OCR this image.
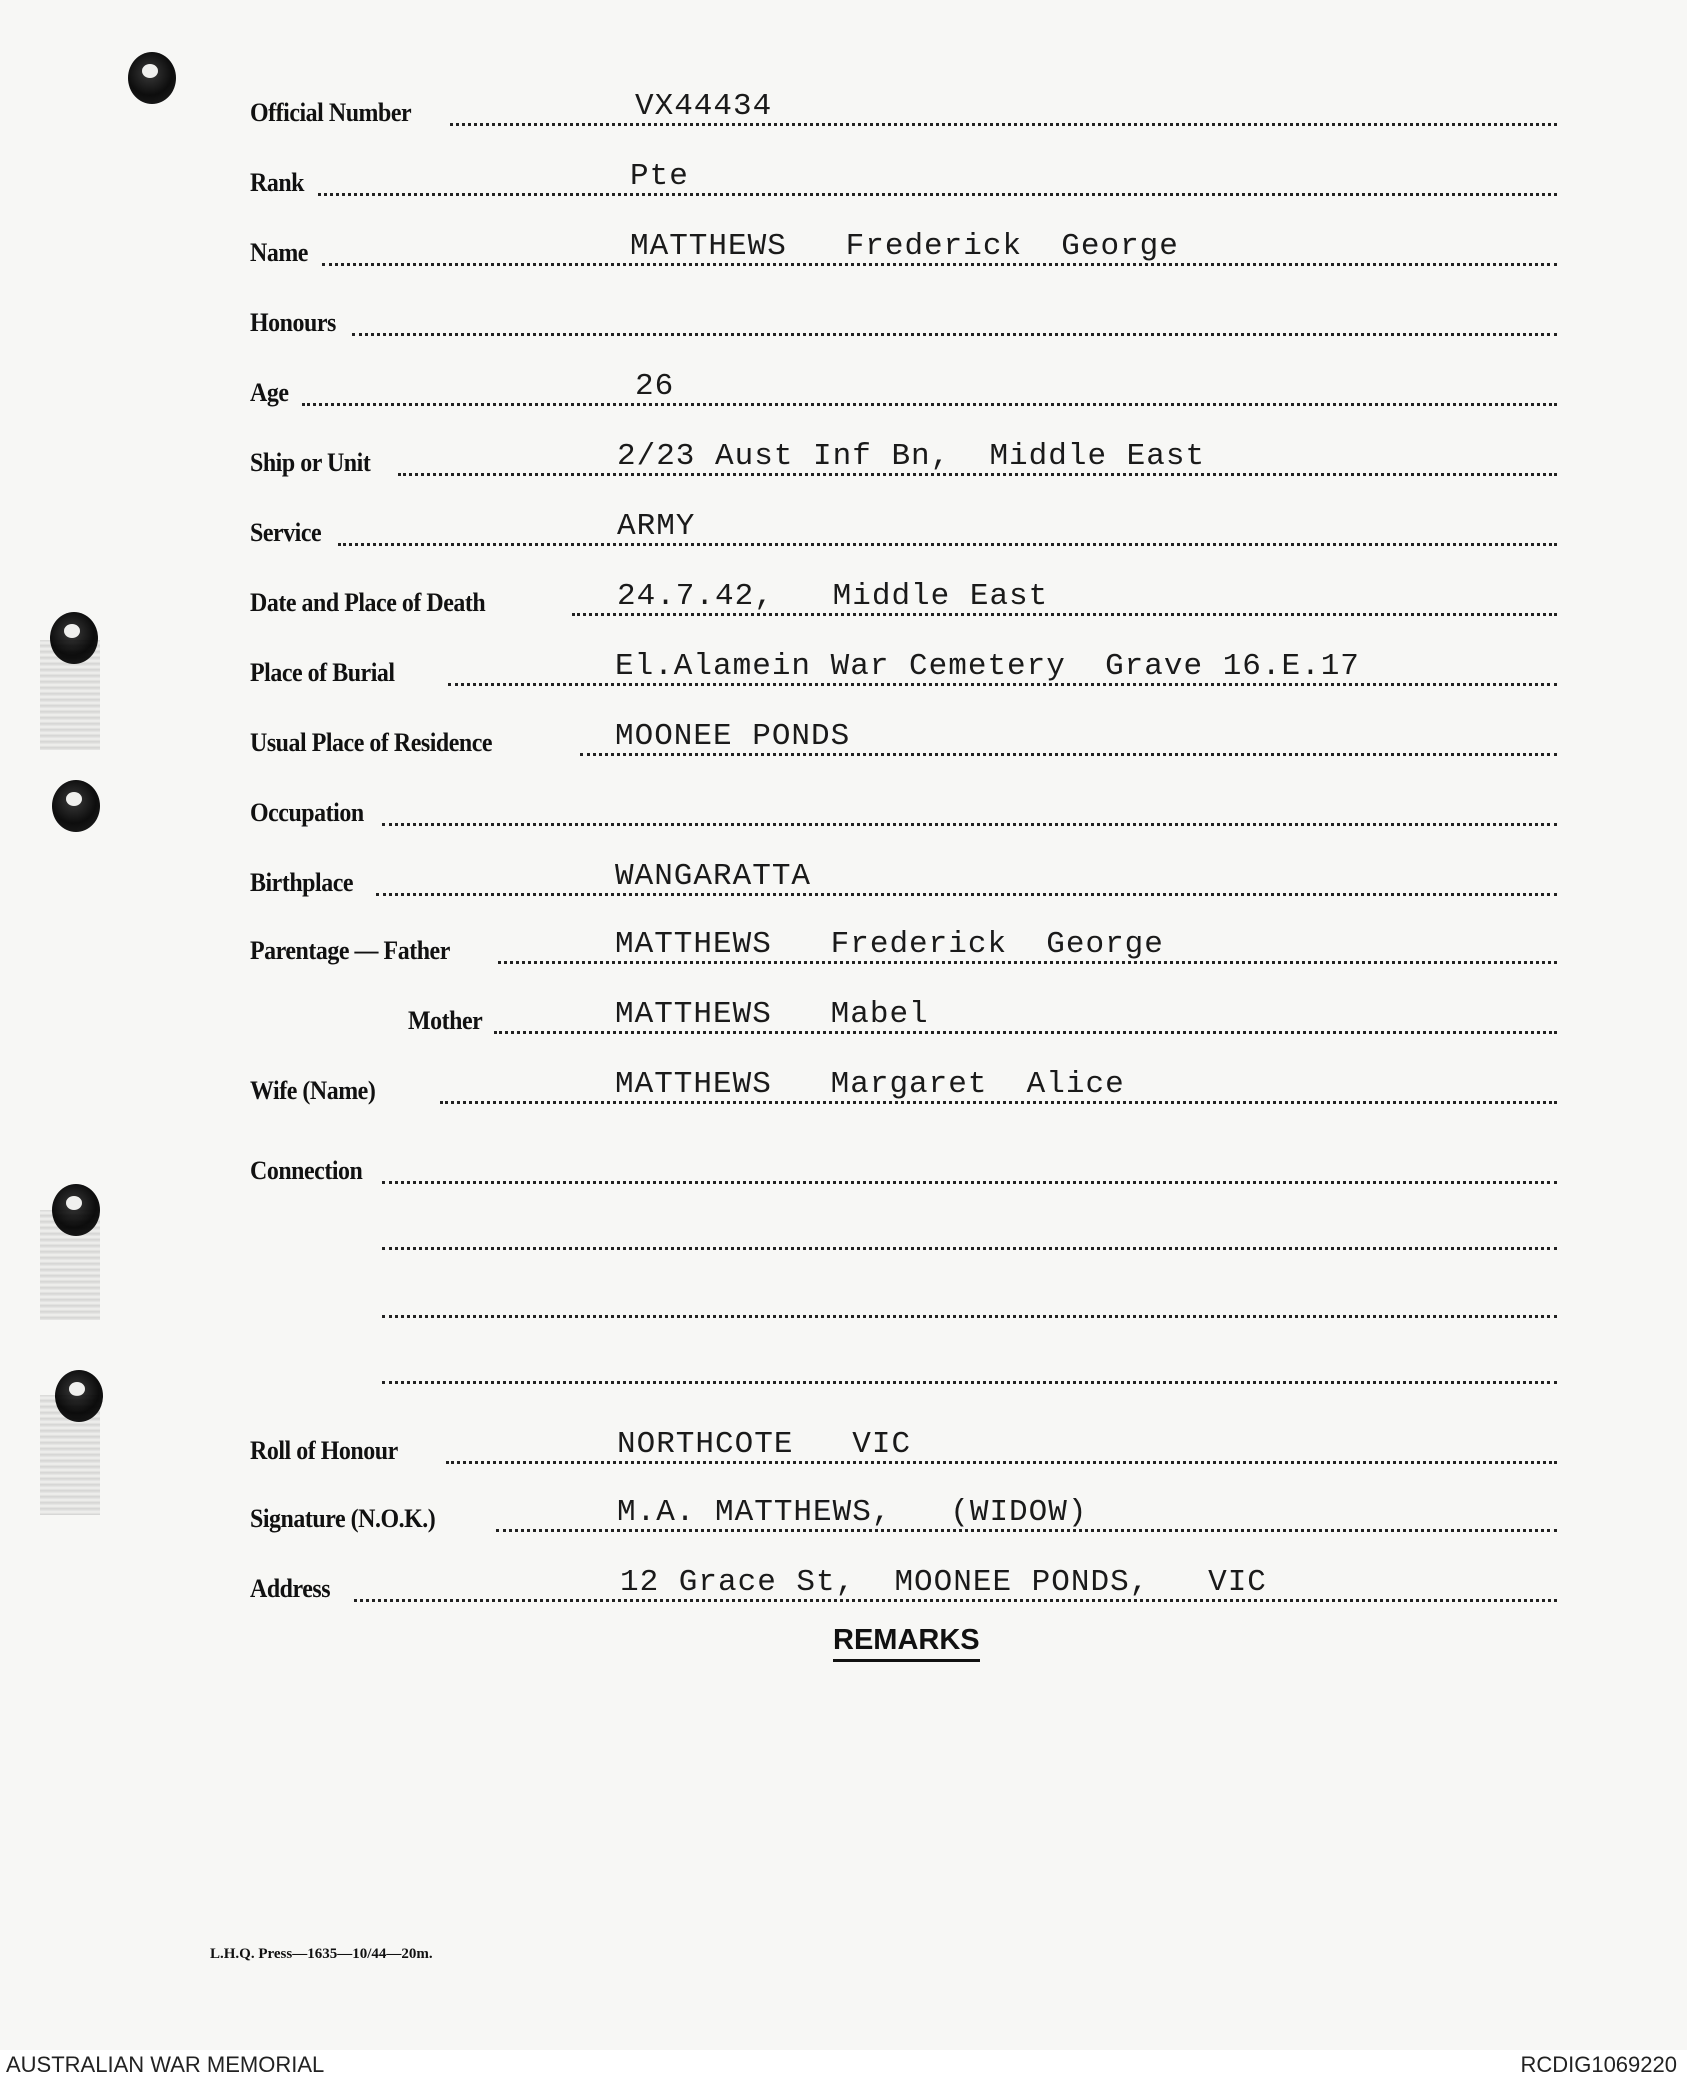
Official Number	VX44434
Rank	Pte
Name	MATTHEWS   Frederick  George
Honours
Age	26
Ship or Unit	2/23 Aust Inf Bn,  Middle East
Service	ARMY
Date and Place of Death	24.7.42,   Middle East
Place of Burial	El.Alamein War Cemetery  Grave 16.E.17
Usual Place of Residence	MOONEE PONDS
Occupation
Birthplace	WANGARATTA
Parentage — Father	MATTHEWS   Frederick  George
Mother	MATTHEWS   Mabel
Wife (Name)	MATTHEWS   Margaret  Alice
Connection
Roll of Honour	NORTHCOTE   VIC
Signature (N.O.K.)	M.A. MATTHEWS,   (WIDOW)
Address	12 Grace St,  MOONEE PONDS,   VIC
REMARKS
L.H.Q. Press—1635—10/44—20m.
AUSTRALIAN WAR MEMORIAL	RCDIG1069220
